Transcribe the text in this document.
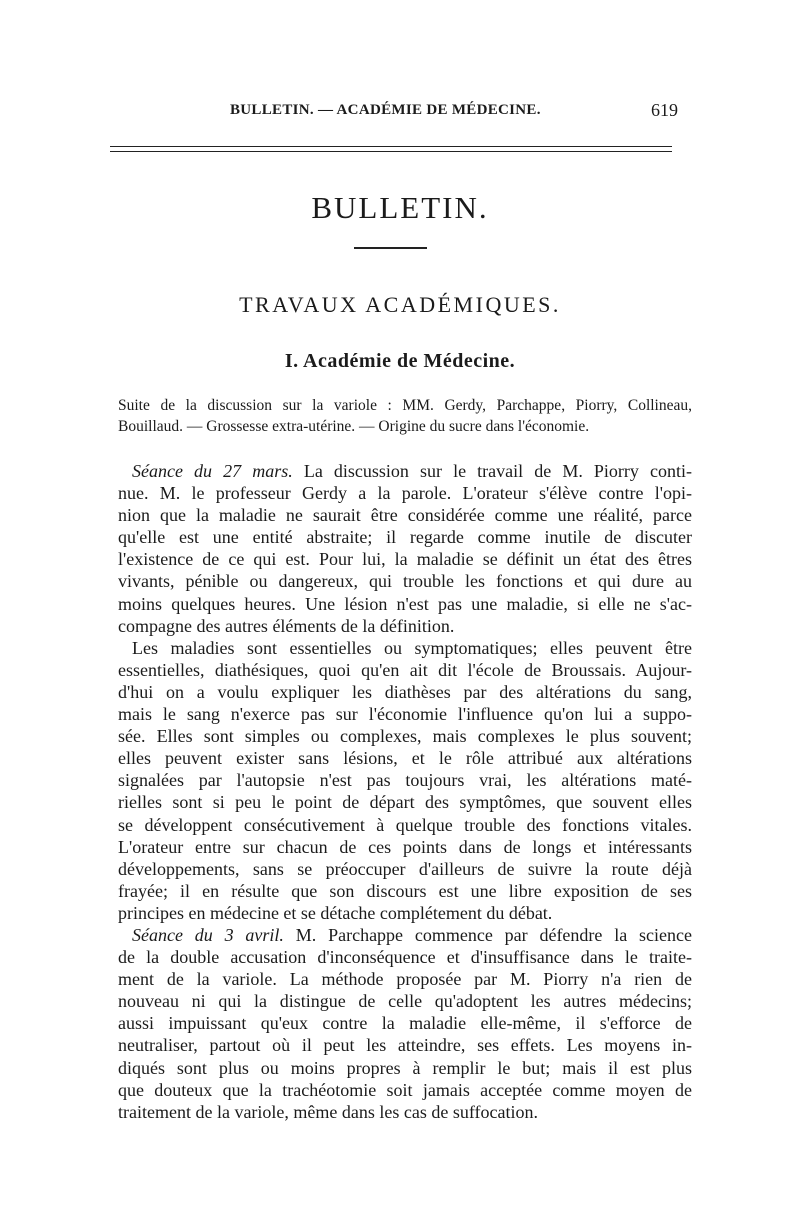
BULLETIN. — ACADÉMIE DE MÉDECINE.	619
BULLETIN.
TRAVAUX ACADÉMIQUES.
I. Académie de Médecine.
Suite de la discussion sur la variole : MM. Gerdy, Parchappe, Piorry, Collineau,
Bouillaud. — Grossesse extra-utérine. — Origine du sucre dans l'économie.
Séance du 27 mars. La discussion sur le travail de M. Piorry conti-
nue. M. le professeur Gerdy a la parole. L'orateur s'élève contre l'opi-
nion que la maladie ne saurait être considérée comme une réalité, parce
qu'elle est une entité abstraite; il regarde comme inutile de discuter
l'existence de ce qui est. Pour lui, la maladie se définit un état des êtres
vivants, pénible ou dangereux, qui trouble les fonctions et qui dure au
moins quelques heures. Une lésion n'est pas une maladie, si elle ne s'ac-
compagne des autres éléments de la définition.
Les maladies sont essentielles ou symptomatiques; elles peuvent être
essentielles, diathésiques, quoi qu'en ait dit l'école de Broussais. Aujour-
d'hui on a voulu expliquer les diathèses par des altérations du sang,
mais le sang n'exerce pas sur l'économie l'influence qu'on lui a suppo-
sée. Elles sont simples ou complexes, mais complexes le plus souvent;
elles peuvent exister sans lésions, et le rôle attribué aux altérations
signalées par l'autopsie n'est pas toujours vrai, les altérations maté-
rielles sont si peu le point de départ des symptômes, que souvent elles
se développent consécutivement à quelque trouble des fonctions vitales.
L'orateur entre sur chacun de ces points dans de longs et intéressants
développements, sans se préoccuper d'ailleurs de suivre la route déjà
frayée; il en résulte que son discours est une libre exposition de ses
principes en médecine et se détache complétement du débat.
Séance du 3 avril. M. Parchappe commence par défendre la science
de la double accusation d'inconséquence et d'insuffisance dans le traite-
ment de la variole. La méthode proposée par M. Piorry n'a rien de
nouveau ni qui la distingue de celle qu'adoptent les autres médecins;
aussi impuissant qu'eux contre la maladie elle-même, il s'efforce de
neutraliser, partout où il peut les atteindre, ses effets. Les moyens in-
diqués sont plus ou moins propres à remplir le but; mais il est plus
que douteux que la trachéotomie soit jamais acceptée comme moyen de
traitement de la variole, même dans les cas de suffocation.
